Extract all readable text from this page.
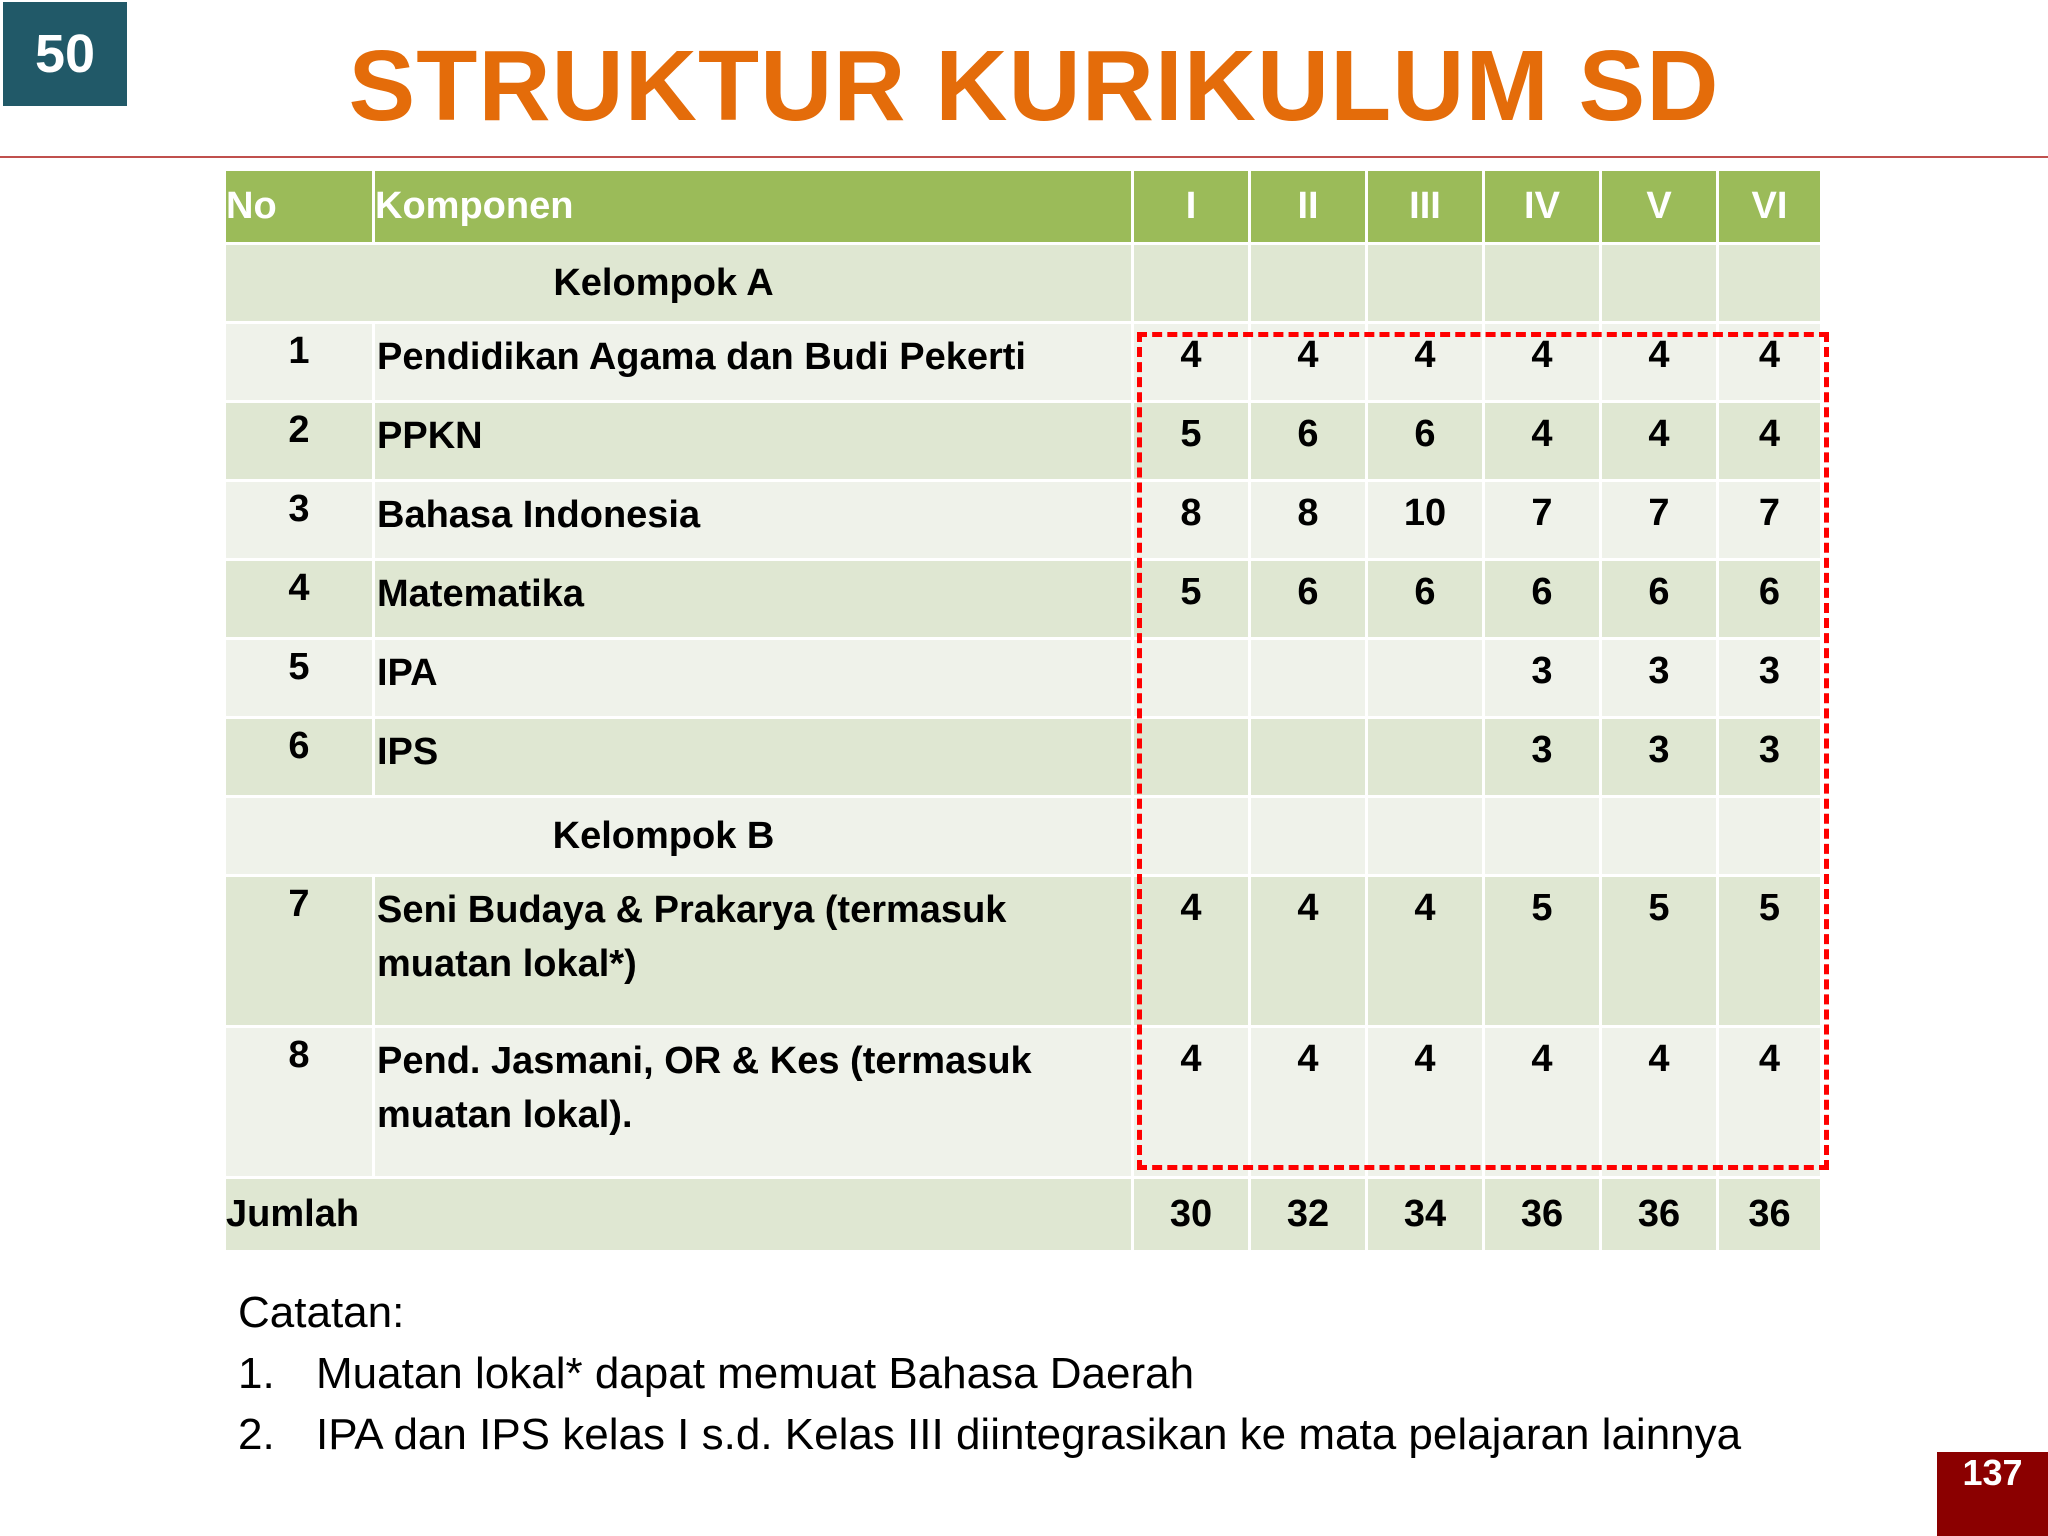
50	STRUKTUR KURIKULUM SD
No	Komponen	I	II	III	IV	V	VI
Kelompok A							
1	Pendidikan Agama dan Budi Pekerti	4	4	4	4	4	4
2	PPKN	5	6	6	4	4	4
3	Bahasa Indonesia	8	8	10	7	7	7
4	Matematika	5	6	6	6	6	6
5	IPA				3	3	3
6	IPS				3	3	3
Kelompok B							
7	Seni Budaya & Prakarya (termasuk muatan lokal*)	4	4	4	5	5	5
8	Pend. Jasmani, OR & Kes (termasuk muatan lokal).	4	4	4	4	4	4
Jumlah		30	32	34	36	36	36
Catatan:
1. Muatan lokal* dapat memuat Bahasa Daerah
2. IPA dan IPS kelas I s.d. Kelas III diintegrasikan ke mata pelajaran lainnya
137
